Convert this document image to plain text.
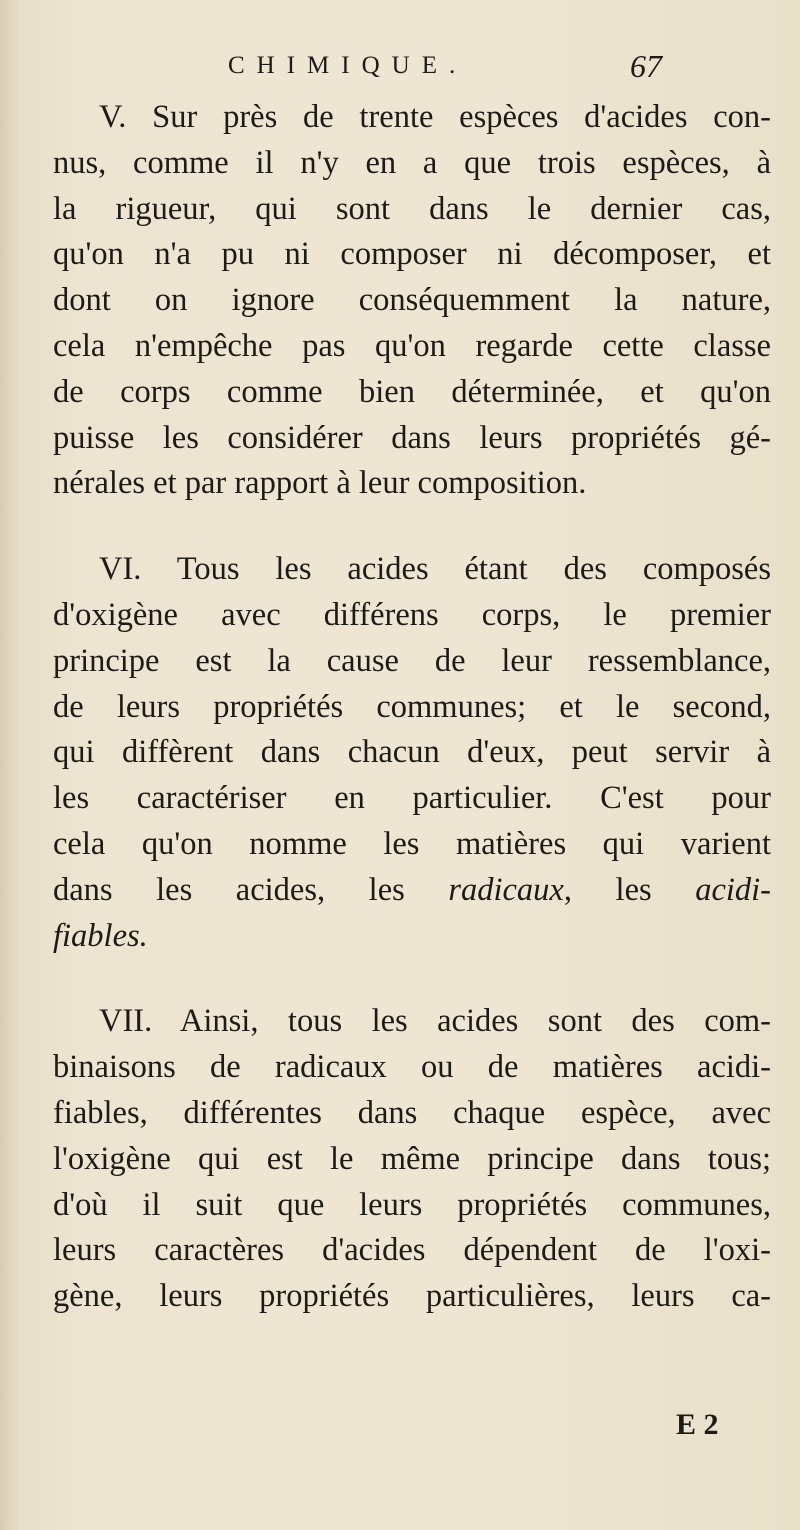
CHIMIQUE.	67
V. Sur près de trente espèces d'acides con-
nus, comme il n'y en a que trois espèces, à
la rigueur, qui sont dans le dernier cas,
qu'on n'a pu ni composer ni décomposer, et
dont on ignore conséquemment la nature,
cela n'empêche pas qu'on regarde cette classe
de corps comme bien déterminée, et qu'on
puisse les considérer dans leurs propriétés gé-
nérales et par rapport à leur composition.
VI. Tous les acides étant des composés
d'oxigène avec différens corps, le premier
principe est la cause de leur ressemblance,
de leurs propriétés communes; et le second,
qui diffèrent dans chacun d'eux, peut servir à
les caractériser en particulier. C'est pour
cela qu'on nomme les matières qui varient
dans les acides, les radicaux, les acidi-
fiables.
VII. Ainsi, tous les acides sont des com-
binaisons de radicaux ou de matières acidi-
fiables, différentes dans chaque espèce, avec
l'oxigène qui est le même principe dans tous;
d'où il suit que leurs propriétés communes,
leurs caractères d'acides dépendent de l'oxi-
gène, leurs propriétés particulières, leurs ca-
E 2
